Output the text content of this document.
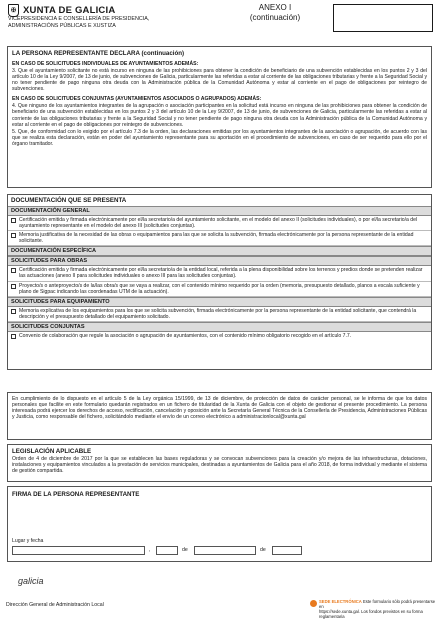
✠ XUNTA DE GALICIA
VICEPRESIDENCIA E CONSELLERÍA DE PRESIDENCIA,
ADMINISTRACIÓNS PÚBLICAS E XUSTIZA
ANEXO I
(continuación)
LA PERSONA REPRESENTANTE DECLARA (continuación)
EN CASO DE SOLICITUDES INDIVIDUALES DE AYUNTAMIENTOS ADEMÁS:
3. Que el ayuntamiento solicitante no está incurso en ninguna de las prohibiciones para obtener la condición de beneficiario de una subvención establecidas en los puntos 2 y 3 del artículo 10 de la Ley 9/2007, de 13 de junio, de subvenciones de Galicia, particularmente las referidas a estar al corriente de las obligaciones tributarias y frente a la Seguridad Social y no tener pendiente de pago ninguna otra deuda con la Administración pública de la Comunidad Autónoma y estar al corriente en el pago de obligaciones por reintegro de subvenciones.
EN CASO DE SOLICITUDES CONJUNTAS (AYUNTAMIENTOS ASOCIADOS O AGRUPADOS) ADEMÁS:
4. Que ninguno de los ayuntamientos integrantes de la agrupación o asociación participantes en la solicitud está incurso en ninguna de las prohibiciones para obtener la condición de beneficiario de una subvención establecidas en los puntos 2 y 3 del artículo 10 de la Ley 9/2007, de 13 de junio, de subvenciones de Galicia, particularmente las referidas a estar al corriente de las obligaciones tributarias y frente a la Seguridad Social y no tener pendiente de pago ninguna otra deuda con la Administración pública de la Comunidad Autónoma y estar al corriente en el pago de obligaciones por reintegro de subvenciones.
5. Que, de conformidad con lo exigido por el artículo 7.3 de la orden, las declaraciones emitidas por los ayuntamientos integrantes de la asociación o agrupación, de acuerdo con las que se realiza esta declaración, están en poder del ayuntamiento representante para su aportación en el procedimiento de subvenciones, en caso de ser requerido para ello por el órgano tramitador.
DOCUMENTACIÓN QUE SE PRESENTA
DOCUMENTACIÓN GENERAL
Certificación emitida y firmada electrónicamente por el/la secretario/a del ayuntamiento solicitante, en el modelo del anexo II (solicitudes individuales), o por el/la secretario/a del ayuntamiento representante en el modelo del anexo III (solicitudes conjuntas).
Memoria justificativa de la necesidad de las obras o equipamientos para las que se solicita la subvención, firmada electrónicamente por la persona representante de la entidad solicitante.
DOCUMENTACIÓN ESPECÍFICA
SOLICITUDES PARA OBRAS
Certificación emitida y firmada electrónicamente por el/la secretario/a de la entidad local, referida a la plena disponibilidad sobre los terrenos y predios donde se pretenden realizar las actuaciones (anexo II para solicitudes individuales o anexo III para las solicitudes conjuntas).
Proyecto/s o anteproyecto/s de la/las obra/s que se vaya a realizar, con el contenido mínimo requerido por la orden (memoria, presupuesto detallado, planos a escala suficiente y plano de Sigpac indicando las coordenadas UTM de la actuación).
SOLICITUDES PARA EQUIPAMIENTO
Memoria explicativa de los equipamientos para los que se solicita subvención, firmada electrónicamente por la persona representante de la entidad solicitante, que contendrá la descripción y el presupuesto detallado del equipamiento solicitado.
SOLICITUDES CONJUNTAS
Convenio de colaboración que regule la asociación o agrupación de ayuntamientos, con el contenido mínimo obligatorio recogido en el artículo 7.7.
En cumplimiento de lo dispuesto en el artículo 5 de la Ley orgánica 15/1999, de 13 de diciembre, de protección de datos de carácter personal, se le informa de que los datos personales que facilite en este formulario quedarán registrados en un fichero de titularidad de la Xunta de Galicia con el objeto de gestionar el presente procedimiento. La persona interesada podrá ejercer los derechos de acceso, rectificación, cancelación y oposición ante la Secretaría General Técnica de la Consellería de Presidencia, Administraciones Públicas y Justicia, como responsable del fichero, solicitándolo mediante el envío de un correo electrónico a administracionlocal@xunta.gal
LEGISLACIÓN APLICABLE
Orden de 4 de diciembre de 2017 por la que se establecen las bases reguladoras y se convocan subvenciones para la creación y/o mejora de las infraestructuras, dotaciones, instalaciones y equipamientos vinculados a la prestación de servicios municipales, destinadas a ayuntamientos de Galicia para el año 2018, de forma individual y mediante el sistema de gestión compartida.
FIRMA DE LA PERSONA REPRESENTANTE
Lugar y fecha
,	de	de
galicia
Dirección General de Administración Local
SEDE ELECTRÓNICA Este formulario sólo podrá presentarse en
https://sede.xunta.gal. Los fondos previstos en su forma reglamentaria
